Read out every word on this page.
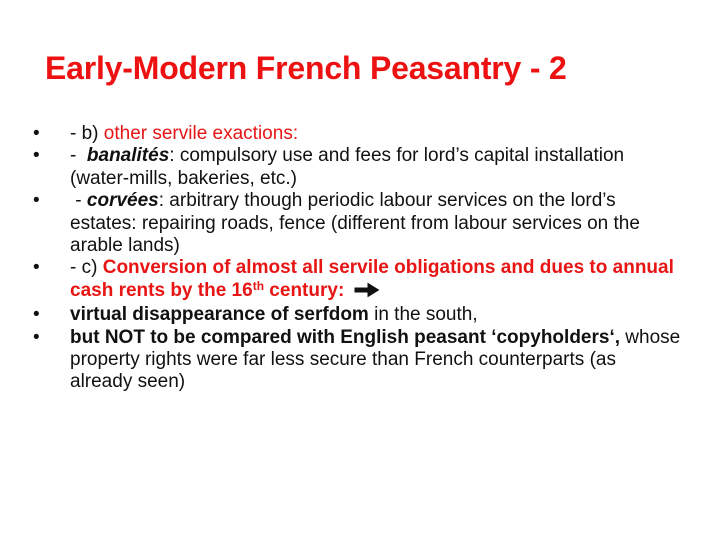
Early-Modern French Peasantry - 2
•	- b) other servile exactions:
•	-  banalités: compulsory use and fees for lord’s capital installation (water-mills, bakeries, etc.)
•	- corvées: arbitrary though periodic labour services on the lord’s estates: repairing roads, fence (different from labour services on the arable lands)
•	- c) Conversion of almost all servile obligations and dues to annual cash rents by the 16th century:
•	virtual disappearance of serfdom in the south,
•	but NOT to be compared with English peasant ‘copyholders‘, whose property rights were far less secure than French counterparts (as already seen)
